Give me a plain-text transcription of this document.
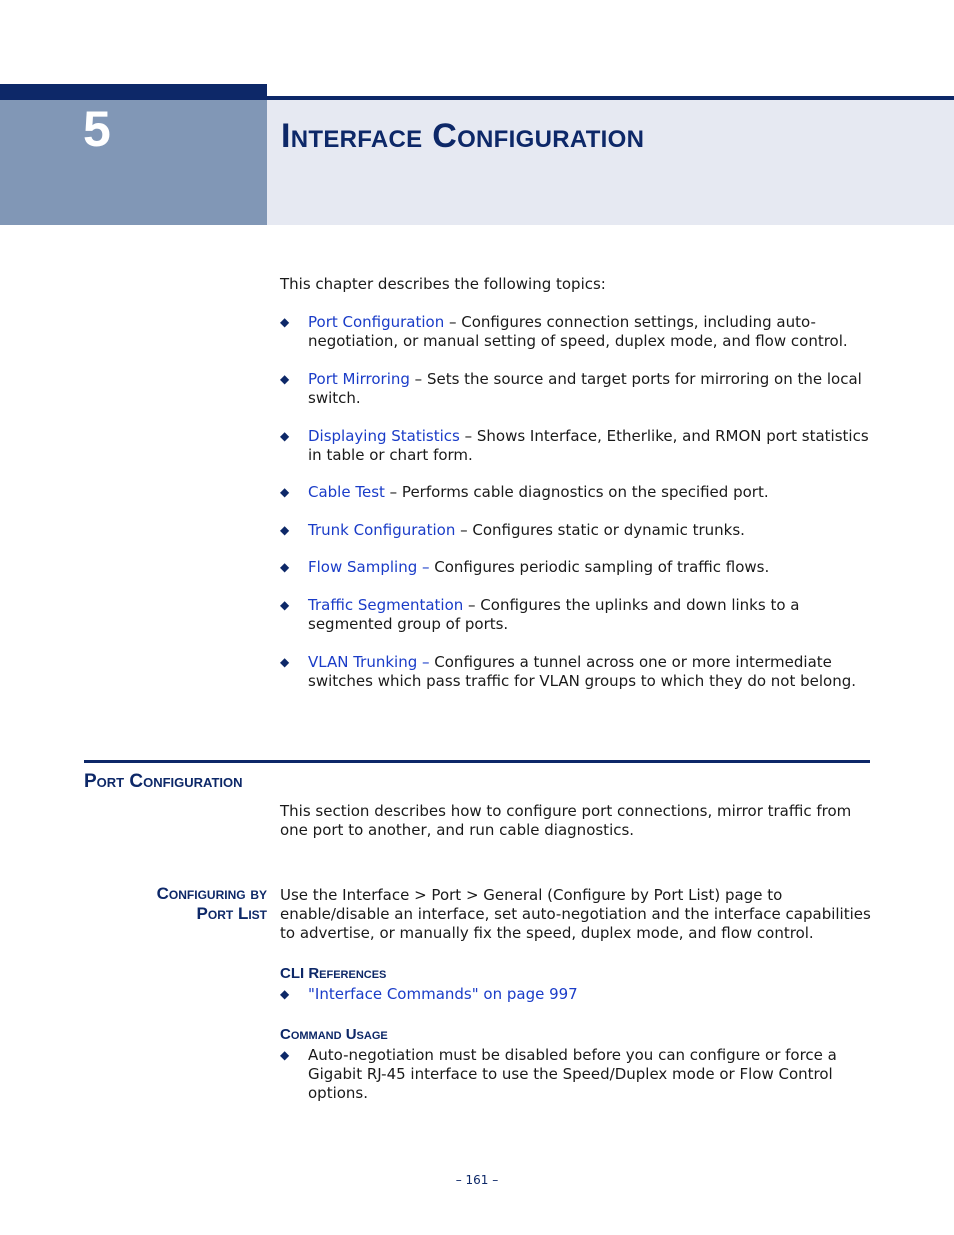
5	Interface Configuration
This chapter describes the following topics:
◆ Port Configuration – Configures connection settings, including auto-negotiation, or manual setting of speed, duplex mode, and flow control.
◆ Port Mirroring – Sets the source and target ports for mirroring on the local switch.
◆ Displaying Statistics – Shows Interface, Etherlike, and RMON port statistics in table or chart form.
◆ Cable Test – Performs cable diagnostics on the specified port.
◆ Trunk Configuration – Configures static or dynamic trunks.
◆ Flow Sampling – Configures periodic sampling of traffic flows.
◆ Traffic Segmentation – Configures the uplinks and down links to a segmented group of ports.
◆ VLAN Trunking – Configures a tunnel across one or more intermediate switches which pass traffic for VLAN groups to which they do not belong.
Port Configuration
This section describes how to configure port connections, mirror traffic from one port to another, and run cable diagnostics.
Configuring by
Port List
Use the Interface > Port > General (Configure by Port List) page to enable/disable an interface, set auto-negotiation and the interface capabilities to advertise, or manually fix the speed, duplex mode, and flow control.
CLI References
◆ "Interface Commands" on page 997
Command Usage
◆ Auto-negotiation must be disabled before you can configure or force a Gigabit RJ-45 interface to use the Speed/Duplex mode or Flow Control options.
– 161 –
